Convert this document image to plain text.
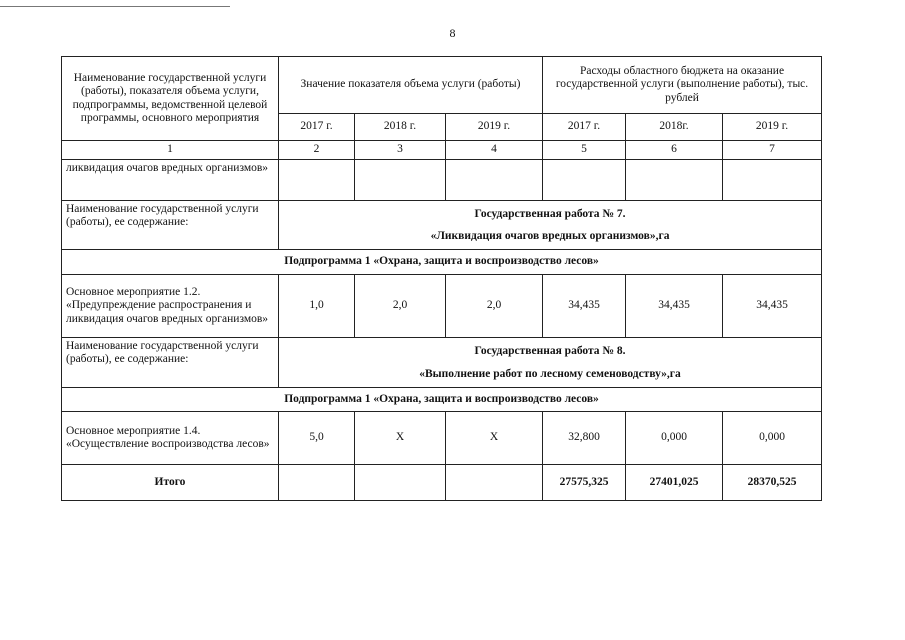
8
Наименование государственной услуги (работы), показателя объема услуги, подпрограммы, ведомственной целевой программы, основного мероприятия	Значение показателя объема услуги (работы)			Расходы областного бюджета на оказание государственной услуги (выполнение работы), тыс. рублей		
	2017 г.	2018 г.	2019 г.	2017 г.	2018г.	2019 г.
1	2	3	4	5	6	7
ликвидация очагов вредных организмов»						
Наименование государственной услуги (работы), ее содержание:	Государственная работа № 7.
«Ликвидация очагов вредных организмов»,га					

Подпрограмма 1 «Охрана, защита и воспроизводство лесов»						
Основное мероприятие 1.2. «Предупреждение распространения и ликвидация очагов вредных организмов»	1,0	2,0	2,0	34,435	34,435	34,435
Наименование государственной услуги (работы), ее содержание:	Государственная работа № 8.
«Выполнение работ по лесному семеноводству»,га					

Подпрограмма 1 «Охрана, защита и воспроизводство лесов»						
Основное мероприятие 1.4. «Осуществление воспроизводства лесов»	5,0	Х	Х	32,800	0,000	0,000
Итого				27575,325	27401,025	28370,525
